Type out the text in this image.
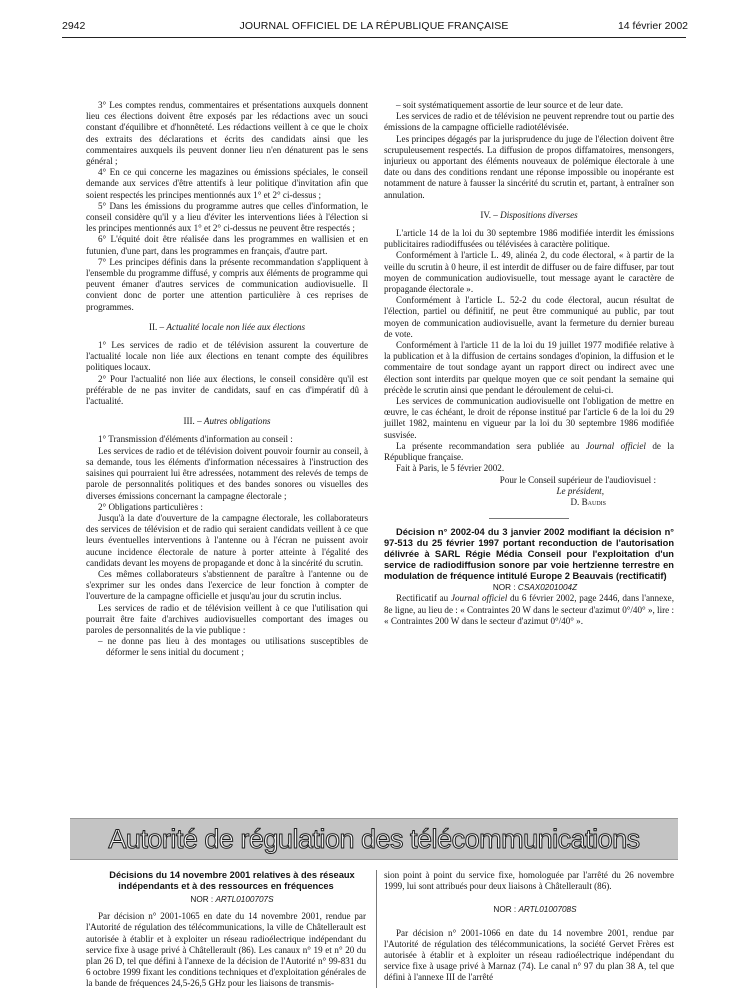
2942	JOURNAL OFFICIEL DE LA RÉPUBLIQUE FRANÇAISE	14 février 2002

3° Les comptes rendus, commentaires et présentations auxquels donnent lieu ces élections doivent être exposés par les rédactions avec un souci constant d'équilibre et d'honnêteté. Les rédactions veillent à ce que le choix des extraits des déclarations et écrits des candidats ainsi que les commentaires auxquels ils peuvent donner lieu n'en dénaturent pas le sens général ;

4° En ce qui concerne les magazines ou émissions spéciales, le conseil demande aux services d'être attentifs à leur politique d'invitation afin que soient respectés les principes mentionnés aux 1° et 2° ci-dessus ;

5° Dans les émissions du programme autres que celles d'information, le conseil considère qu'il y a lieu d'éviter les interventions liées à l'élection si les principes mentionnés aux 1° et 2° ci-dessus ne peuvent être respectés ;

6° L'équité doit être réalisée dans les programmes en wallisien et en futunien, d'une part, dans les programmes en français, d'autre part.

7° Les principes définis dans la présente recommandation s'appliquent à l'ensemble du programme diffusé, y compris aux éléments de programme qui peuvent émaner d'autres services de communication audiovisuelle. Il convient donc de porter une attention particulière à ces reprises de programmes.

II. – Actualité locale non liée aux élections

1° Les services de radio et de télévision assurent la couverture de l'actualité locale non liée aux élections en tenant compte des équilibres politiques locaux.

2° Pour l'actualité non liée aux élections, le conseil considère qu'il est préférable de ne pas inviter de candidats, sauf en cas d'impératif dû à l'actualité.

III. – Autres obligations

1° Transmission d'éléments d'information au conseil :

Les services de radio et de télévision doivent pouvoir fournir au conseil, à sa demande, tous les éléments d'information nécessaires à l'instruction des saisines qui pourraient lui être adressées, notamment des relevés de temps de parole de personnalités politiques et des bandes sonores ou visuelles des diverses émissions concernant la campagne électorale ;

2° Obligations particulières :

Jusqu'à la date d'ouverture de la campagne électorale, les collaborateurs des services de télévision et de radio qui seraient candidats veillent à ce que leurs éventuelles interventions à l'antenne ou à l'écran ne puissent avoir aucune incidence électorale de nature à porter atteinte à l'égalité des candidats devant les moyens de propagande et donc à la sincérité du scrutin.

Ces mêmes collaborateurs s'abstiennent de paraître à l'antenne ou de s'exprimer sur les ondes dans l'exercice de leur fonction à compter de l'ouverture de la campagne officielle et jusqu'au jour du scrutin inclus.

Les services de radio et de télévision veillent à ce que l'utilisation qui pourrait être faite d'archives audiovisuelles comportant des images ou paroles de personnalités de la vie publique :

– ne donne pas lieu à des montages ou utilisations susceptibles de déformer le sens initial du document ;

– soit systématiquement assortie de leur source et de leur date.

Les services de radio et de télévision ne peuvent reprendre tout ou partie des émissions de la campagne officielle radiotélévisée.

Les principes dégagés par la jurisprudence du juge de l'élection doivent être scrupuleusement respectés. La diffusion de propos diffamatoires, mensongers, injurieux ou apportant des éléments nouveaux de polémique électorale à une date ou dans des conditions rendant une réponse impossible ou inopérante est notamment de nature à fausser la sincérité du scrutin et, partant, à entraîner son annulation.

IV. – Dispositions diverses

L'article 14 de la loi du 30 septembre 1986 modifiée interdit les émissions publicitaires radiodiffusées ou télévisées à caractère politique.

Conformément à l'article L. 49, alinéa 2, du code électoral, « à partir de la veille du scrutin à 0 heure, il est interdit de diffuser ou de faire diffuser, par tout moyen de communication audiovisuelle, tout message ayant le caractère de propagande électorale ».

Conformément à l'article L. 52-2 du code électoral, aucun résultat de l'élection, partiel ou définitif, ne peut être communiqué au public, par tout moyen de communication audiovisuelle, avant la fermeture du dernier bureau de vote.

Conformément à l'article 11 de la loi du 19 juillet 1977 modifiée relative à la publication et à la diffusion de certains sondages d'opinion, la diffusion et le commentaire de tout sondage ayant un rapport direct ou indirect avec une élection sont interdits par quelque moyen que ce soit pendant la semaine qui précède le scrutin ainsi que pendant le déroulement de celui-ci.

Les services de communication audiovisuelle ont l'obligation de mettre en œuvre, le cas échéant, le droit de réponse institué par l'article 6 de la loi du 29 juillet 1982, maintenu en vigueur par la loi du 30 septembre 1986 modifiée susvisée.

La présente recommandation sera publiée au Journal officiel de la République française.

Fait à Paris, le 5 février 2002.

Pour le Conseil supérieur de l'audiovisuel :

Le président,

D. Baudis

Décision n° 2002-04 du 3 janvier 2002 modifiant la décision n° 97-513 du 25 février 1997 portant reconduction de l'autorisation délivrée à SARL Régie Média Conseil pour l'exploitation d'un service de radiodiffusion sonore par voie hertzienne terrestre en modulation de fréquence intitulé Europe 2 Beauvais (rectificatif)

NOR : CSAX0201004Z

Rectificatif au Journal officiel du 6 février 2002, page 2446, dans l'annexe, 8e ligne, au lieu de : « Contraintes 20 W dans le secteur d'azimut 0°/40° », lire : « Contraintes 200 W dans le secteur d'azimut 0°/40° ».

Autorité de régulation des télécommunications

Décisions du 14 novembre 2001 relatives à des réseaux indépendants et à des ressources en fréquences

NOR : ARTL0100707S

Par décision n° 2001-1065 en date du 14 novembre 2001, rendue par l'Autorité de régulation des télécommunications, la ville de Châtellerault est autorisée à établir et à exploiter un réseau radioélectrique indépendant du service fixe à usage privé à Châtellerault (86). Les canaux n° 19 et n° 20 du plan 26 D, tel que défini à l'annexe de la décision de l'Autorité n° 99-831 du 6 octobre 1999 fixant les conditions techniques et d'exploitation générales de la bande de fréquences 24,5-26,5 GHz pour les liaisons de transmis-

sion point à point du service fixe, homologuée par l'arrêté du 26 novembre 1999, lui sont attribués pour deux liaisons à Châtellerault (86).

NOR : ARTL0100708S

Par décision n° 2001-1066 en date du 14 novembre 2001, rendue par l'Autorité de régulation des télécommunications, la société Gervet Frères est autorisée à établir et à exploiter un réseau radioélectrique indépendant du service fixe à usage privé à Marnaz (74). Le canal n° 97 du plan 38 A, tel que défini à l'annexe III de l'arrêté
